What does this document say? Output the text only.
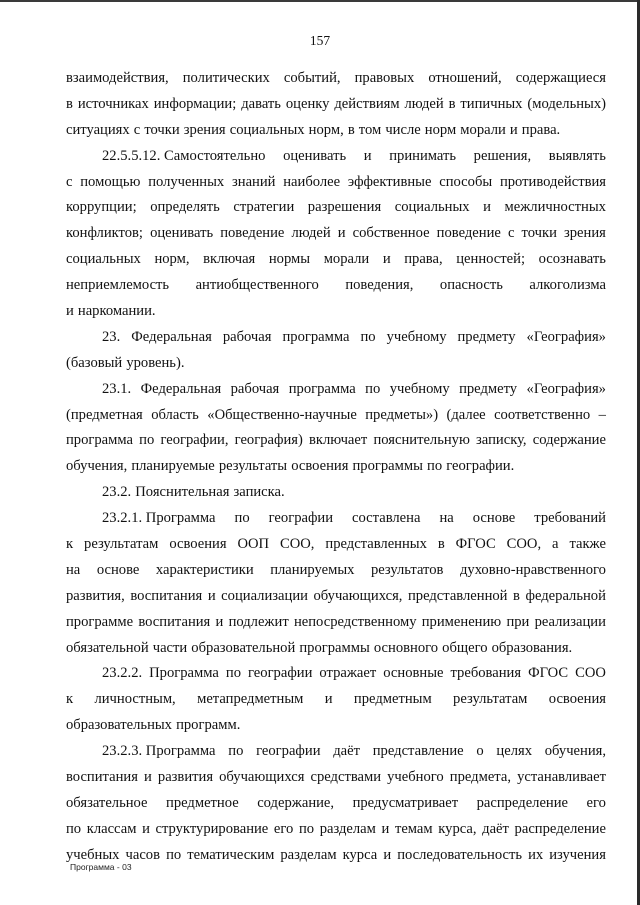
157
взаимодействия, политических событий, правовых отношений, содержащиеся
в источниках информации; давать оценку действиям людей в типичных (модельных)
ситуациях с точки зрения социальных норм, в том числе норм морали и права.
22.5.5.12. Самостоятельно оценивать и принимать решения, выявлять
с помощью полученных знаний наиболее эффективные способы противодействия
коррупции; определять стратегии разрешения социальных и межличностных
конфликтов; оценивать поведение людей и собственное поведение с точки зрения
социальных норм, включая нормы морали и права, ценностей; осознавать
неприемлемость антиобщественного поведения, опасность алкоголизма
и наркомании.
23. Федеральная рабочая программа по учебному предмету «География»
(базовый уровень).
23.1. Федеральная рабочая программа по учебному предмету «География»
(предметная область «Общественно-научные предметы») (далее соответственно –
программа по географии, география) включает пояснительную записку, содержание
обучения, планируемые результаты освоения программы по географии.
23.2. Пояснительная записка.
23.2.1. Программа по географии составлена на основе требований
к результатам освоения ООП СОО, представленных в ФГОС СОО, а также
на основе характеристики планируемых результатов духовно-нравственного
развития, воспитания и социализации обучающихся, представленной в федеральной
программе воспитания и подлежит непосредственному применению при реализации
обязательной части образовательной программы основного общего образования.
23.2.2. Программа по географии отражает основные требования ФГОС СОО
к личностным, метапредметным и предметным результатам освоения
образовательных программ.
23.2.3. Программа по географии даёт представление о целях обучения,
воспитания и развития обучающихся средствами учебного предмета, устанавливает
обязательное предметное содержание, предусматривает распределение его
по классам и структурирование его по разделам и темам курса, даёт распределение
учебных часов по тематическим разделам курса и последовательность их изучения
Программа - 03
